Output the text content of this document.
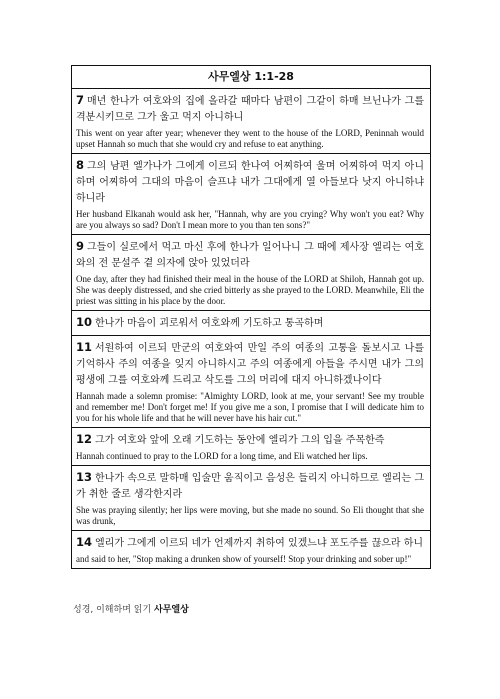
사무엘상 1:1-28

7 매년 한나가 여호와의 집에 올라갈 때마다 남편이 그같이 하매 브닌나가 그를 격분시키므로 그가 울고 먹지 아니하니

This went on year after year; whenever they went to the house of the LORD, Peninnah would upset Hannah so much that she would cry and refuse to eat anything.

8 그의 남편 엘가나가 그에게 이르되 한나여 어찌하여 울며 어찌하여 먹지 아니하며 어찌하여 그대의 마음이 슬프냐 내가 그대에게 열 아들보다 낫지 아니하냐 하니라

Her husband Elkanah would ask her, "Hannah, why are you crying? Why won't you eat? Why are you always so sad? Don't I mean more to you than ten sons?"

9 그들이 실로에서 먹고 마신 후에 한나가 일어나니 그 때에 제사장 엘리는 여호와의 전 문설주 곁 의자에 앉아 있었더라

One day, after they had finished their meal in the house of the LORD at Shiloh, Hannah got up. She was deeply distressed, and she cried bitterly as she prayed to the LORD. Meanwhile, Eli the priest was sitting in his place by the door.

10 한나가 마음이 괴로워서 여호와께 기도하고 통곡하며

11 서원하여 이르되 만군의 여호와여 만일 주의 여종의 고통을 돌보시고 나를 기억하사 주의 여종을 잊지 아니하시고 주의 여종에게 아들을 주시면 내가 그의 평생에 그를 여호와께 드리고 삭도를 그의 머리에 대지 아니하겠나이다

Hannah made a solemn promise: "Almighty LORD, look at me, your servant! See my trouble and remember me! Don't forget me! If you give me a son, I promise that I will dedicate him to you for his whole life and that he will never have his hair cut."

12 그가 여호와 앞에 오래 기도하는 동안에 엘리가 그의 입을 주목한즉

Hannah continued to pray to the LORD for a long time, and Eli watched her lips.

13 한나가 속으로 말하매 입술만 움직이고 음성은 들리지 아니하므로 엘리는 그가 취한 줄로 생각한지라

She was praying silently; her lips were moving, but she made no sound. So Eli thought that she was drunk,

14 엘리가 그에게 이르되 네가 언제까지 취하여 있겠느냐 포도주를 끊으라 하니

and said to her, "Stop making a drunken show of yourself! Stop your drinking and sober up!"

성경, 이해하며 읽기 사무엘상
